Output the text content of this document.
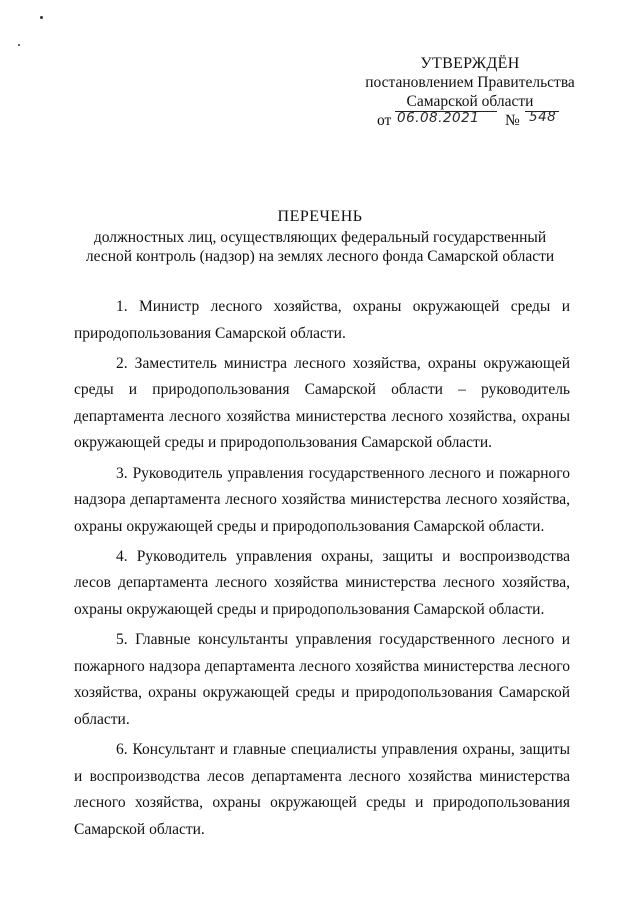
УТВЕРЖДЁН
постановлением Правительства
Самарской области
от 06.08.2021 № 548
ПЕРЕЧЕНЬ
должностных лиц, осуществляющих федеральный государственный
лесной контроль (надзор) на землях лесного фонда Самарской области

1. Министр лесного хозяйства, охраны окружающей среды и природопользования Самарской области.

2. Заместитель министра лесного хозяйства, охраны окружающей среды и природопользования Самарской области – руководитель департамента лесного хозяйства министерства лесного хозяйства, охраны окружающей среды и природопользования Самарской области.

3. Руководитель управления государственного лесного и пожарного надзора департамента лесного хозяйства министерства лесного хозяйства, охраны окружающей среды и природопользования Самарской области.

4. Руководитель управления охраны, защиты и воспроизводства лесов департамента лесного хозяйства министерства лесного хозяйства, охраны окружающей среды и природопользования Самарской области.

5. Главные консультанты управления государственного лесного и пожарного надзора департамента лесного хозяйства министерства лесного хозяйства, охраны окружающей среды и природопользования Самарской области.

6. Консультант и главные специалисты управления охраны, защиты и воспроизводства лесов департамента лесного хозяйства министерства лесного хозяйства, охраны окружающей среды и природопользования Самарской области.
